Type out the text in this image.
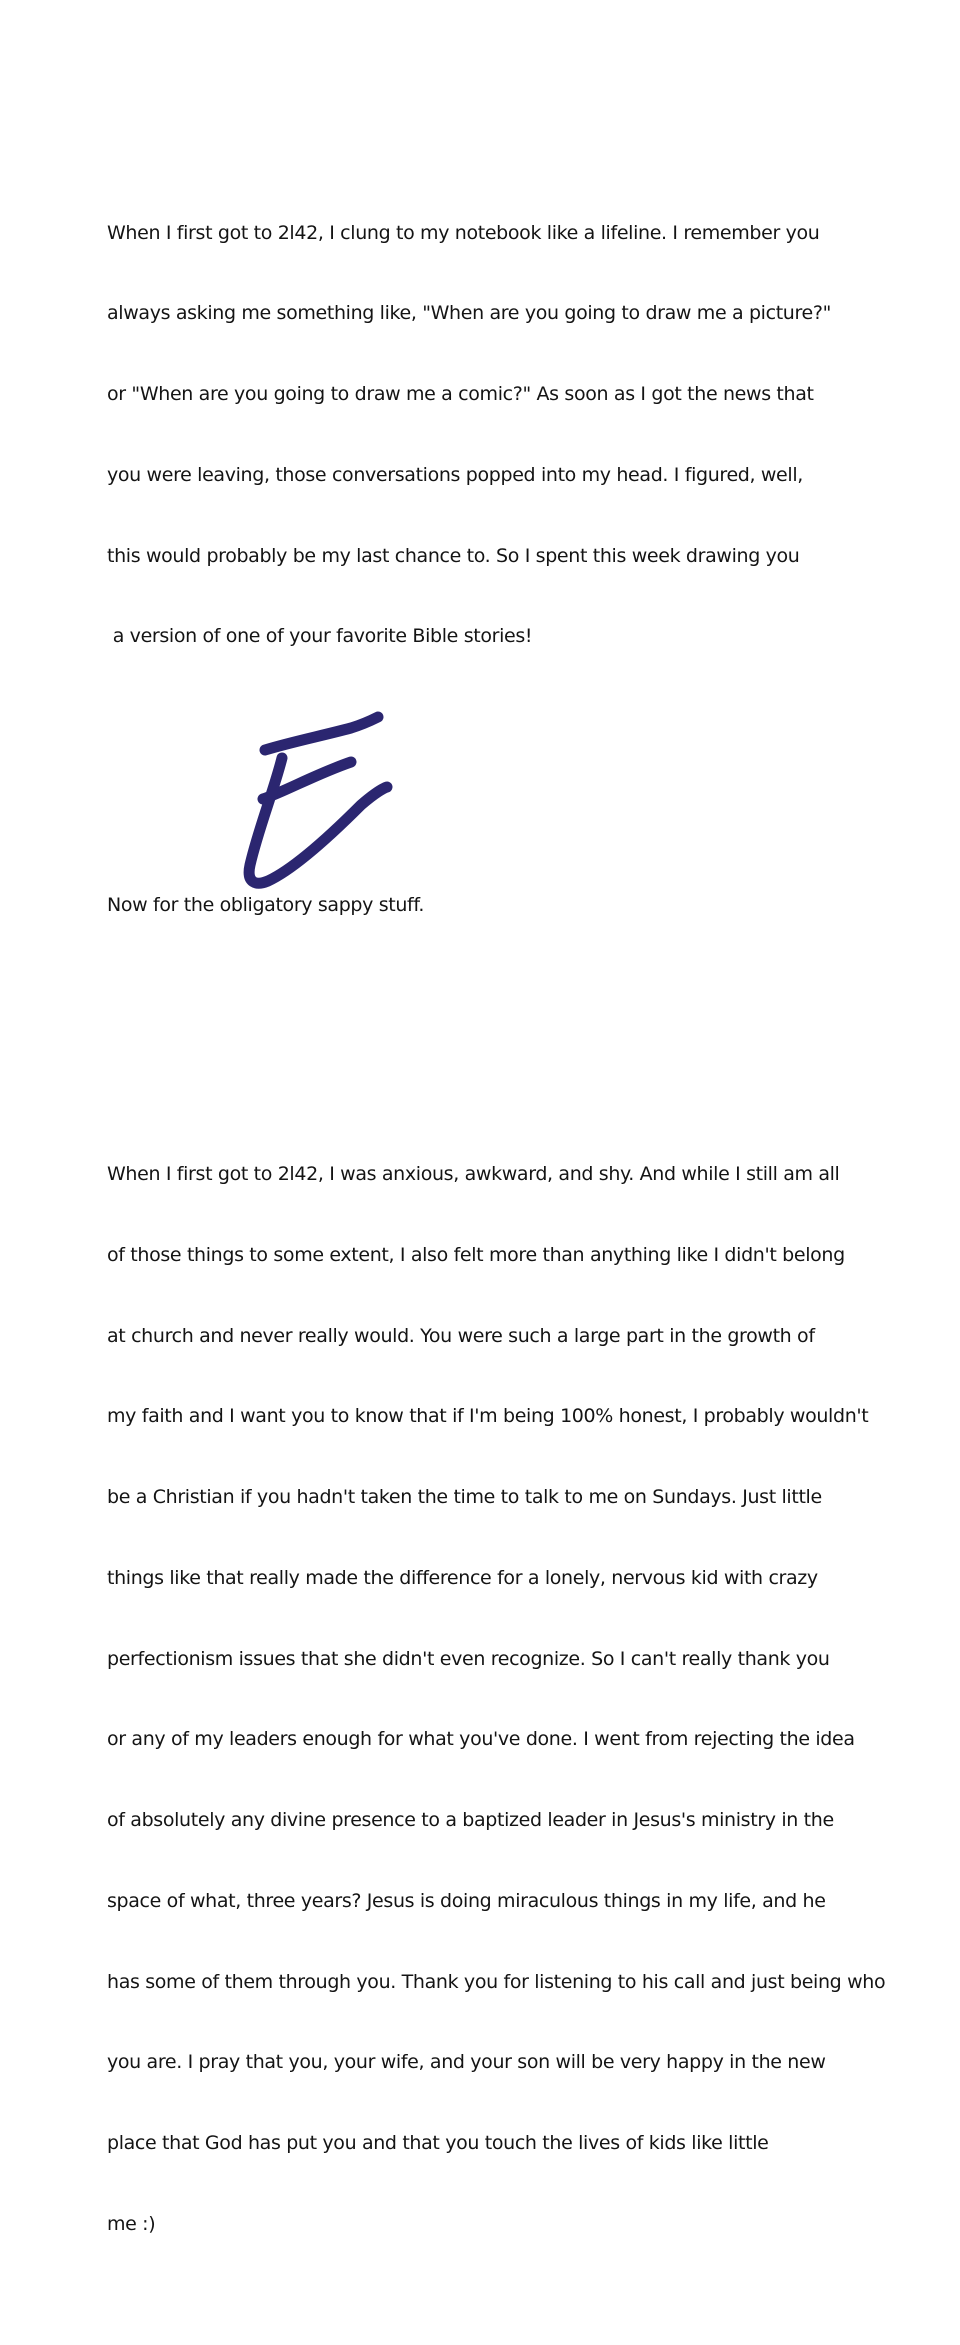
When I first got to 2l42, I clung to my notebook like a lifeline. I remember you

always asking me something like, "When are you going to draw me a picture?"

or "When are you going to draw me a comic?" As soon as I got the news that

you were leaving, those conversations popped into my head. I figured, well,

this would probably be my last chance to. So I spent this week drawing you

a version of one of your favorite Bible stories!

Now for the obligatory sappy stuff.

When I first got to 2l42, I was anxious, awkward, and shy. And while I still am all

of those things to some extent, I also felt more than anything like I didn't belong

at church and never really would. You were such a large part in the growth of

my faith and I want you to know that if I'm being 100% honest, I probably wouldn't

be a Christian if you hadn't taken the time to talk to me on Sundays. Just little

things like that really made the difference for a lonely, nervous kid with crazy

perfectionism issues that she didn't even recognize. So I can't really thank you

or any of my leaders enough for what you've done. I went from rejecting the idea

of absolutely any divine presence to a baptized leader in Jesus's ministry in the

space of what, three years? Jesus is doing miraculous things in my life, and he

has some of them through you. Thank you for listening to his call and just being who

you are. I pray that you, your wife, and your son will be very happy in the new

place that God has put you and that you touch the lives of kids like little

me :)
